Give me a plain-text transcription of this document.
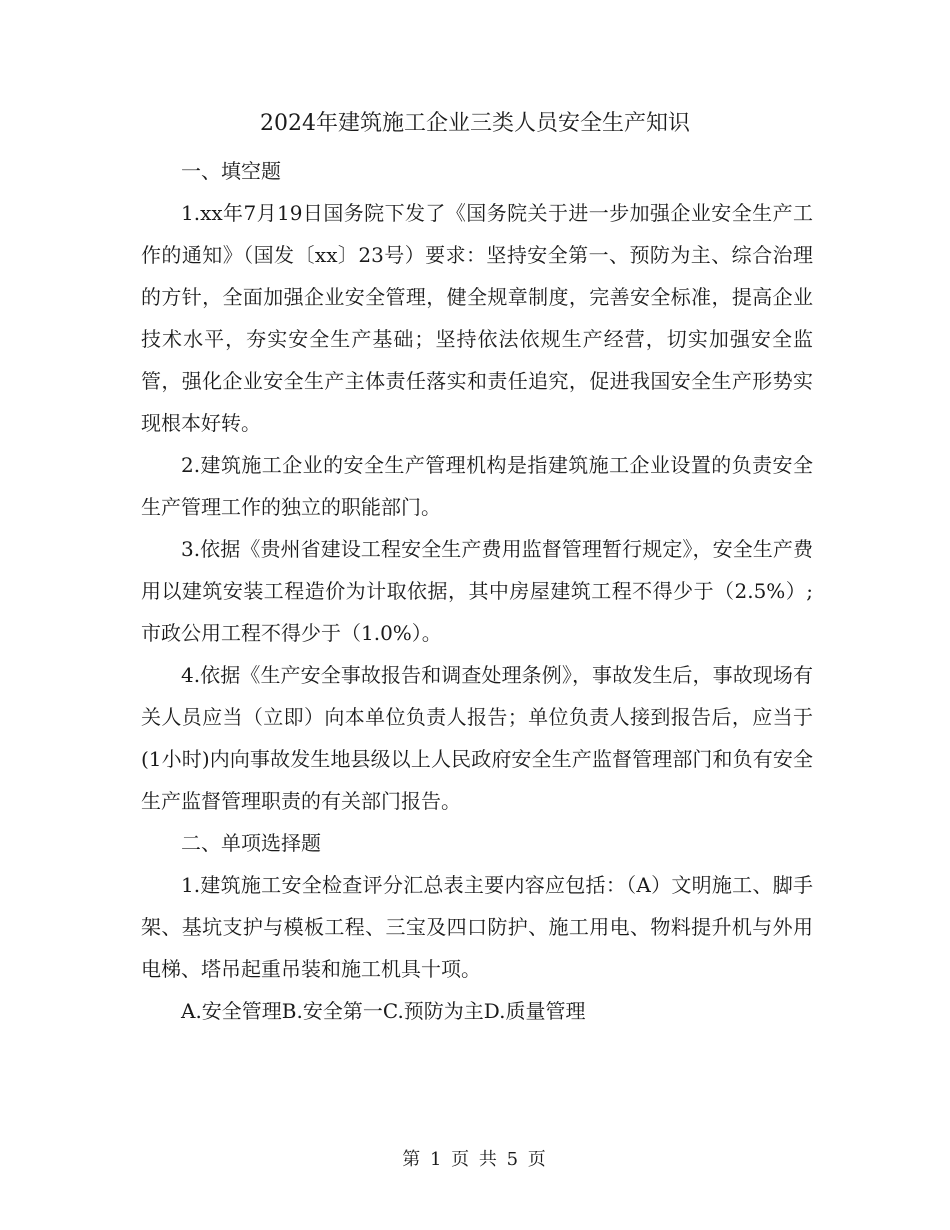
2024年建筑施工企业三类人员安全生产知识

一、填空题

1.xx年7月19日国务院下发了《国务院关于进一步加强企业安全生产工作的通知》（国发〔xx〕23号）要求：坚持安全第一、预防为主、综合治理的方针，全面加强企业安全管理，健全规章制度，完善安全标准，提高企业技术水平，夯实安全生产基础；坚持依法依规生产经营，切实加强安全监管，强化企业安全生产主体责任落实和责任追究，促进我国安全生产形势实现根本好转。

2.建筑施工企业的安全生产管理机构是指建筑施工企业设置的负责安全生产管理工作的独立的职能部门。

3.依据《贵州省建设工程安全生产费用监督管理暂行规定》，安全生产费用以建筑安装工程造价为计取依据，其中房屋建筑工程不得少于（2.5%）;市政公用工程不得少于（1.0%）。

4.依据《生产安全事故报告和调查处理条例》，事故发生后，事故现场有关人员应当（立即）向本单位负责人报告；单位负责人接到报告后，应当于(1小时)内向事故发生地县级以上人民政府安全生产监督管理部门和负有安全生产监督管理职责的有关部门报告。

二、单项选择题

1.建筑施工安全检查评分汇总表主要内容应包括：（A）文明施工、脚手架、基坑支护与模板工程、三宝及四口防护、施工用电、物料提升机与外用电梯、塔吊起重吊装和施工机具十项。

A.安全管理B.安全第一C.预防为主D.质量管理

第 1 页 共 5 页
